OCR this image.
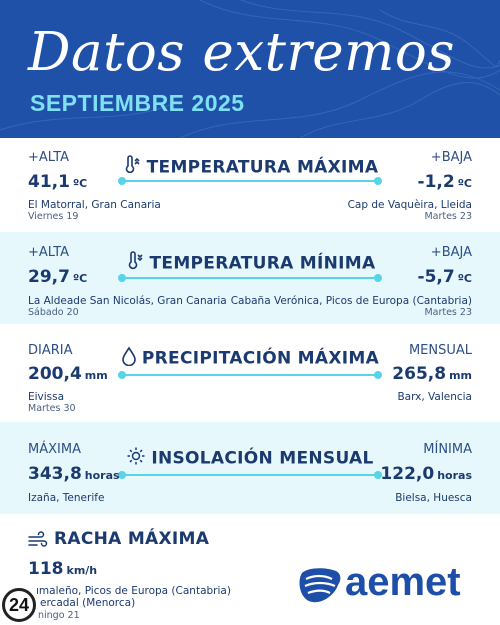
Datos extremos
SEPTIEMBRE 2025
+ALTA	+BAJA
TEMPERATURA MÁXIMA
41,1 ºC	-1,2 ºC
El Matorral, Gran Canaria
Viernes 19
Cap de Vaquèira, Lleida
Martes 23
+ALTA	+BAJA
TEMPERATURA MÍNIMA
29,7 ºC	-5,7 ºC
La Aldeade San Nicolás, Gran Canaria
Sábado 20
Cabaña Verónica, Picos de Europa (Cantabria)
Martes 23
DIARIA	MENSUAL
PRECIPITACIÓN MÁXIMA
200,4 mm	265,8 mm
Eivissa
Martes 30
Barx, Valencia
MÁXIMA	MÍNIMA
INSOLACIÓN MENSUAL
343,8 horas	122,0 horas
Izaña, Tenerife	Bielsa, Huesca
RACHA MÁXIMA
118 km/h
ımaleño, Picos de Europa (Cantabria)
ercadal (Menorca)
ningo 21
aemet
24
